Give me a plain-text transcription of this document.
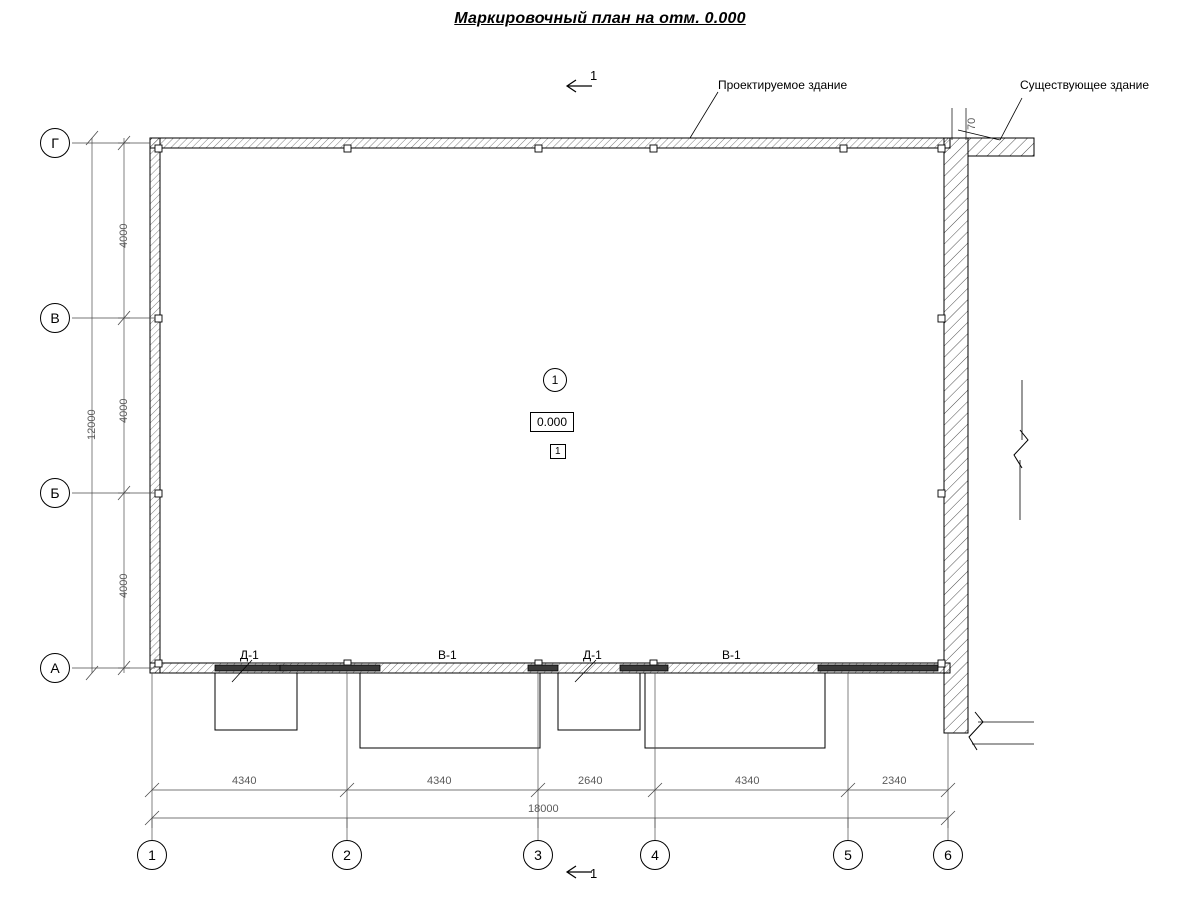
Маркировочный план на отм. 0.000
Проектируемое здание	Существующее здание
70
1
1
1
0.000
1
Д-1	В-1	Д-1	В-1
Г
В
Б
А
4000
4000
4000
12000
4340	4340	2640	4340	2340
18000
1	2	3	4	5	6
